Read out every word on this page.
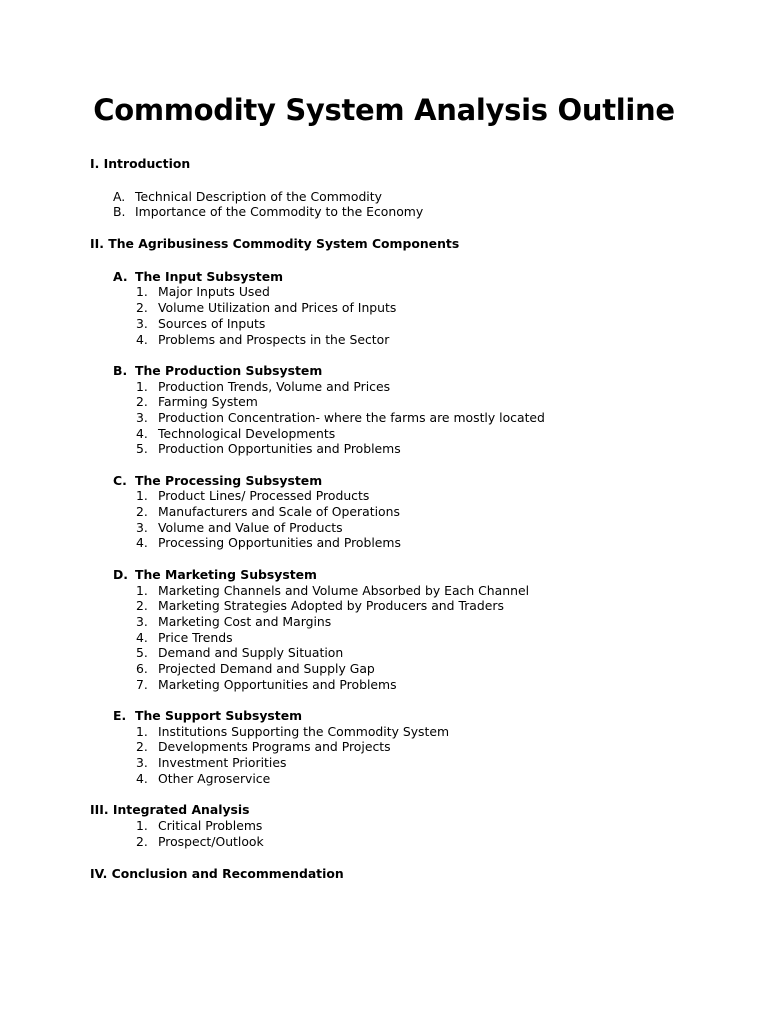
Commodity System Analysis Outline
I. Introduction
A. Technical Description of the Commodity
B. Importance of the Commodity to the Economy
II. The Agribusiness Commodity System Components
A. The Input Subsystem
1. Major Inputs Used
2. Volume Utilization and Prices of Inputs
3. Sources of Inputs
4. Problems and Prospects in the Sector
B. The Production Subsystem
1. Production Trends, Volume and Prices
2. Farming System
3. Production Concentration- where the farms are mostly located
4. Technological Developments
5. Production Opportunities and Problems
C. The Processing Subsystem
1. Product Lines/ Processed Products
2. Manufacturers and Scale of Operations
3. Volume and Value of Products
4. Processing Opportunities and Problems
D. The Marketing Subsystem
1. Marketing Channels and Volume Absorbed by Each Channel
2. Marketing Strategies Adopted by Producers and Traders
3. Marketing Cost and Margins
4. Price Trends
5. Demand and Supply Situation
6. Projected Demand and Supply Gap
7. Marketing Opportunities and Problems
E. The Support Subsystem
1. Institutions Supporting the Commodity System
2. Developments Programs and Projects
3. Investment Priorities
4. Other Agroservice
III. Integrated Analysis
1. Critical Problems
2. Prospect/Outlook
IV. Conclusion and Recommendation
